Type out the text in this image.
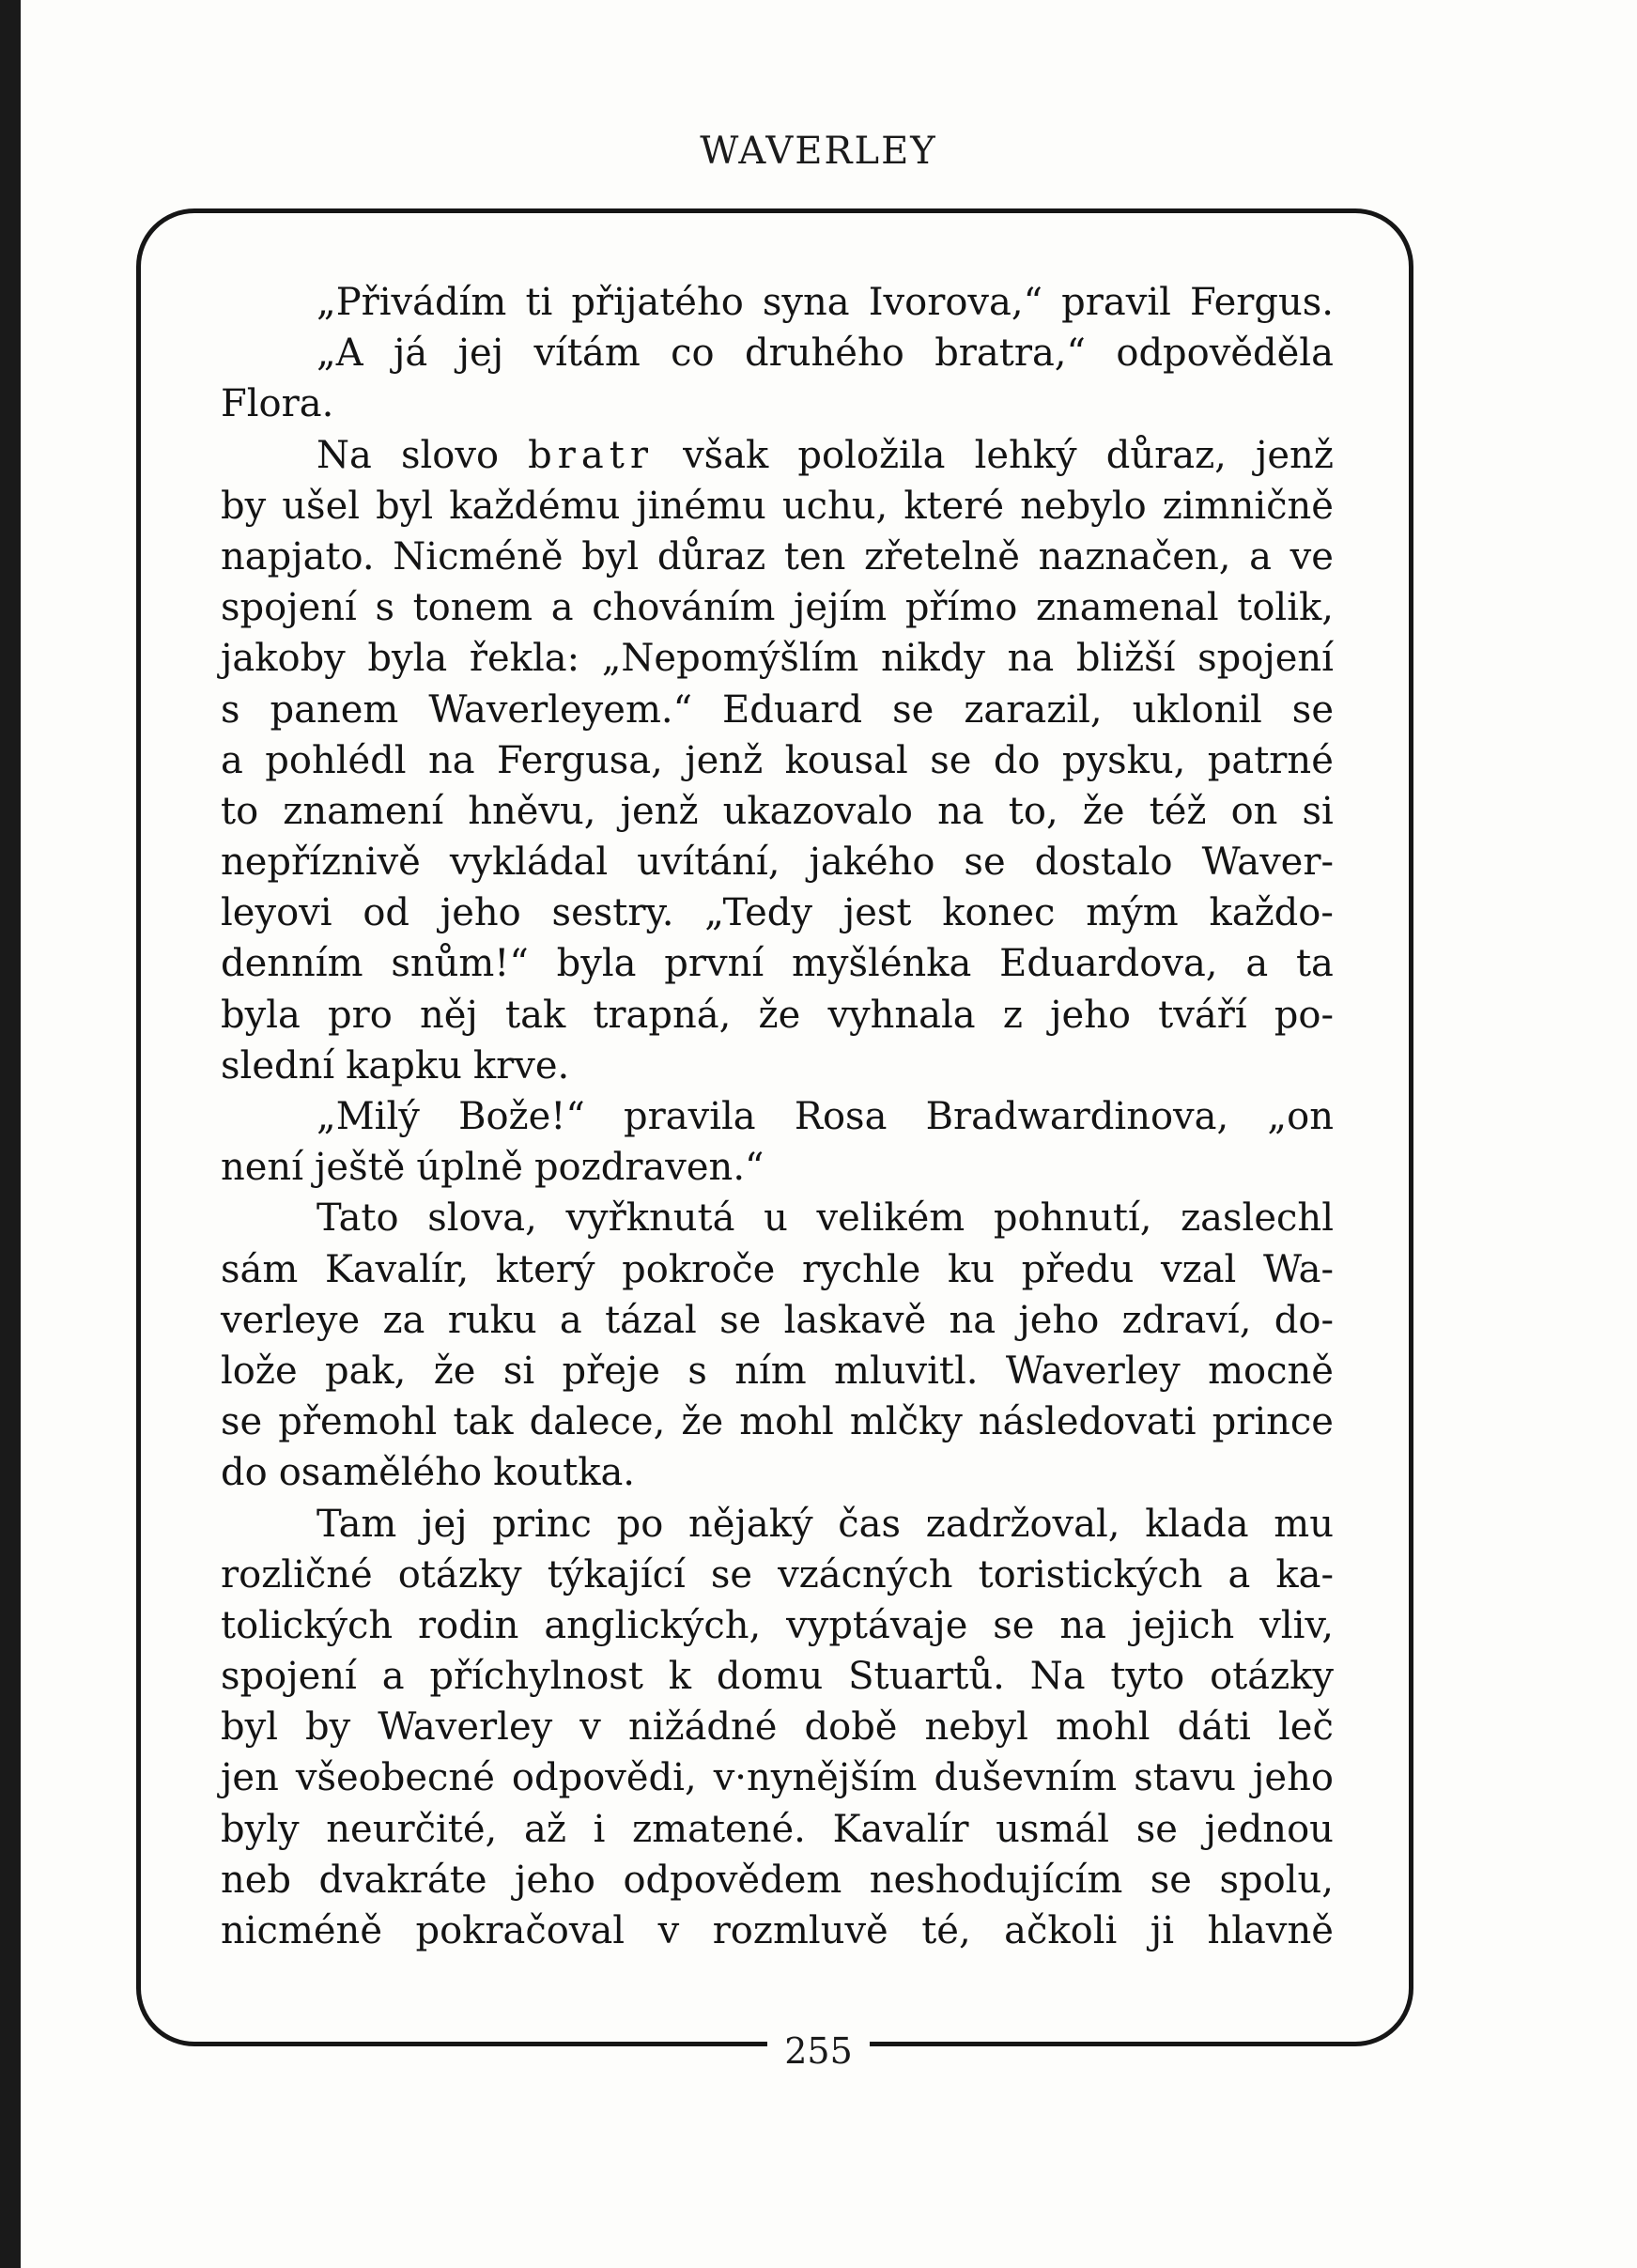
WAVERLEY
„Přivádím ti přijatého syna Ivorova,“ pravil Fergus.
„A já jej vítám co druhého bratra,“ odpověděla
Flora.
Na slovo bratr však položila lehký důraz, jenž
by ušel byl každému jinému uchu, které nebylo zimničně
napjato. Nicméně byl důraz ten zřetelně naznačen, a ve
spojení s tonem a chováním jejím přímo znamenal tolik,
jakoby byla řekla: „Nepomýšlím nikdy na bližší spojení
s panem Waverleyem.“ Eduard se zarazil, uklonil se
a pohlédl na Fergusa, jenž kousal se do pysku, patrné
to znamení hněvu, jenž ukazovalo na to, že též on si
nepříznivě vykládal uvítání, jakého se dostalo Waver-
leyovi od jeho sestry. „Tedy jest konec mým každo-
denním snům!“ byla první myšlénka Eduardova, a ta
byla pro něj tak trapná, že vyhnala z jeho tváří po-
slední kapku krve.
„Milý Bože!“ pravila Rosa Bradwardinova, „on
není ještě úplně pozdraven.“
Tato slova, vyřknutá u velikém pohnutí, zaslechl
sám Kavalír, který pokroče rychle ku předu vzal Wa-
verleye za ruku a tázal se laskavě na jeho zdraví, do-
lože pak, že si přeje s ním mluvitl. Waverley mocně
se přemohl tak dalece, že mohl mlčky následovati prince
do osamělého koutka.
Tam jej princ po nějaký čas zadržoval, klada mu
rozličné otázky týkající se vzácných toristických a ka-
tolických rodin anglických, vyptávaje se na jejich vliv,
spojení a příchylnost k domu Stuartů. Na tyto otázky
byl by Waverley v nižádné době nebyl mohl dáti leč
jen všeobecné odpovědi, v·nynějším duševním stavu jeho
byly neurčité, až i zmatené. Kavalír usmál se jednou
neb dvakráte jeho odpovědem neshodujícím se spolu,
nicméně pokračoval v rozmluvě té, ačkoli ji hlavně
255
